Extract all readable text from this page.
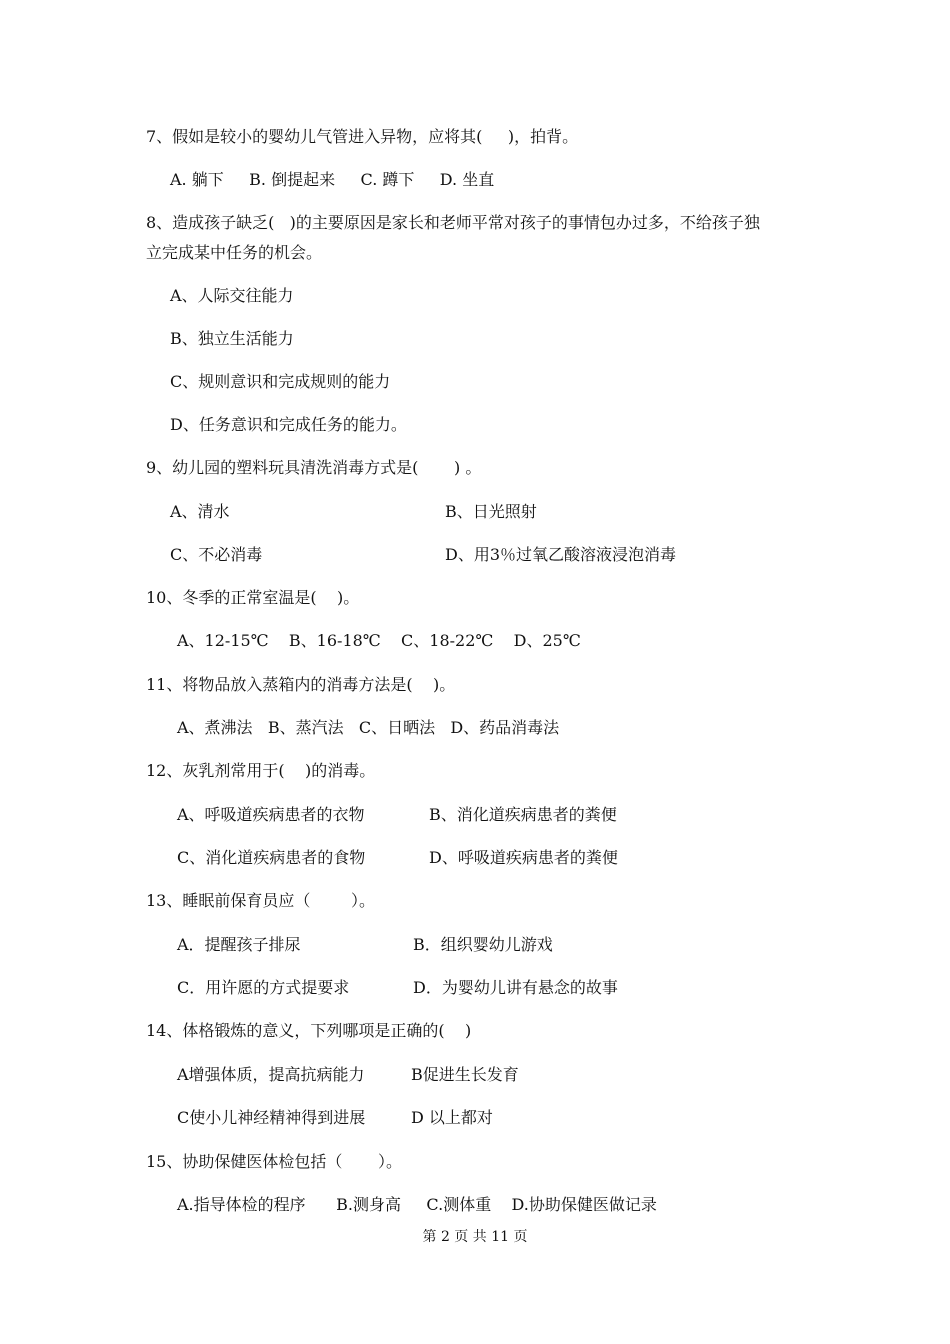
7、假如是较小的婴幼儿气管进入异物，应将其(     )，拍背。
A. 躺下     B. 倒提起来     C. 蹲下     D. 坐直
8、造成孩子缺乏(   )的主要原因是家长和老师平常对孩子的事情包办过多，不给孩子独
立完成某中任务的机会。
A、人际交往能力
B、独立生活能力
C、规则意识和完成规则的能力
D、任务意识和完成任务的能力。
9、幼儿园的塑料玩具清洗消毒方式是(       ) 。
A、清水	B、日光照射
C、不必消毒	D、用3％过氧乙酸溶液浸泡消毒
10、冬季的正常室温是(    )。
A、12-15℃    B、16-18℃    C、18-22℃    D、25℃
11、将物品放入蒸箱内的消毒方法是(    )。
A、煮沸法   B、蒸汽法   C、日晒法   D、药品消毒法
12、灰乳剂常用于(    )的消毒。
A、呼吸道疾病患者的衣物	B、消化道疾病患者的粪便
C、消化道疾病患者的食物	D、呼吸道疾病患者的粪便
13、睡眠前保育员应（        ）。
A．提醒孩子排尿	B．组织婴幼儿游戏
C．用许愿的方式提要求	D．为婴幼儿讲有悬念的故事
14、体格锻炼的意义，下列哪项是正确的(    )
A增强体质，提高抗病能力	B促进生长发育
C使小儿神经精神得到进展	D 以上都对
15、协助保健医体检包括（       ）。
A.指导体检的程序      B.测身高     C.测体重    D.协助保健医做记录
第 2 页 共 11 页
